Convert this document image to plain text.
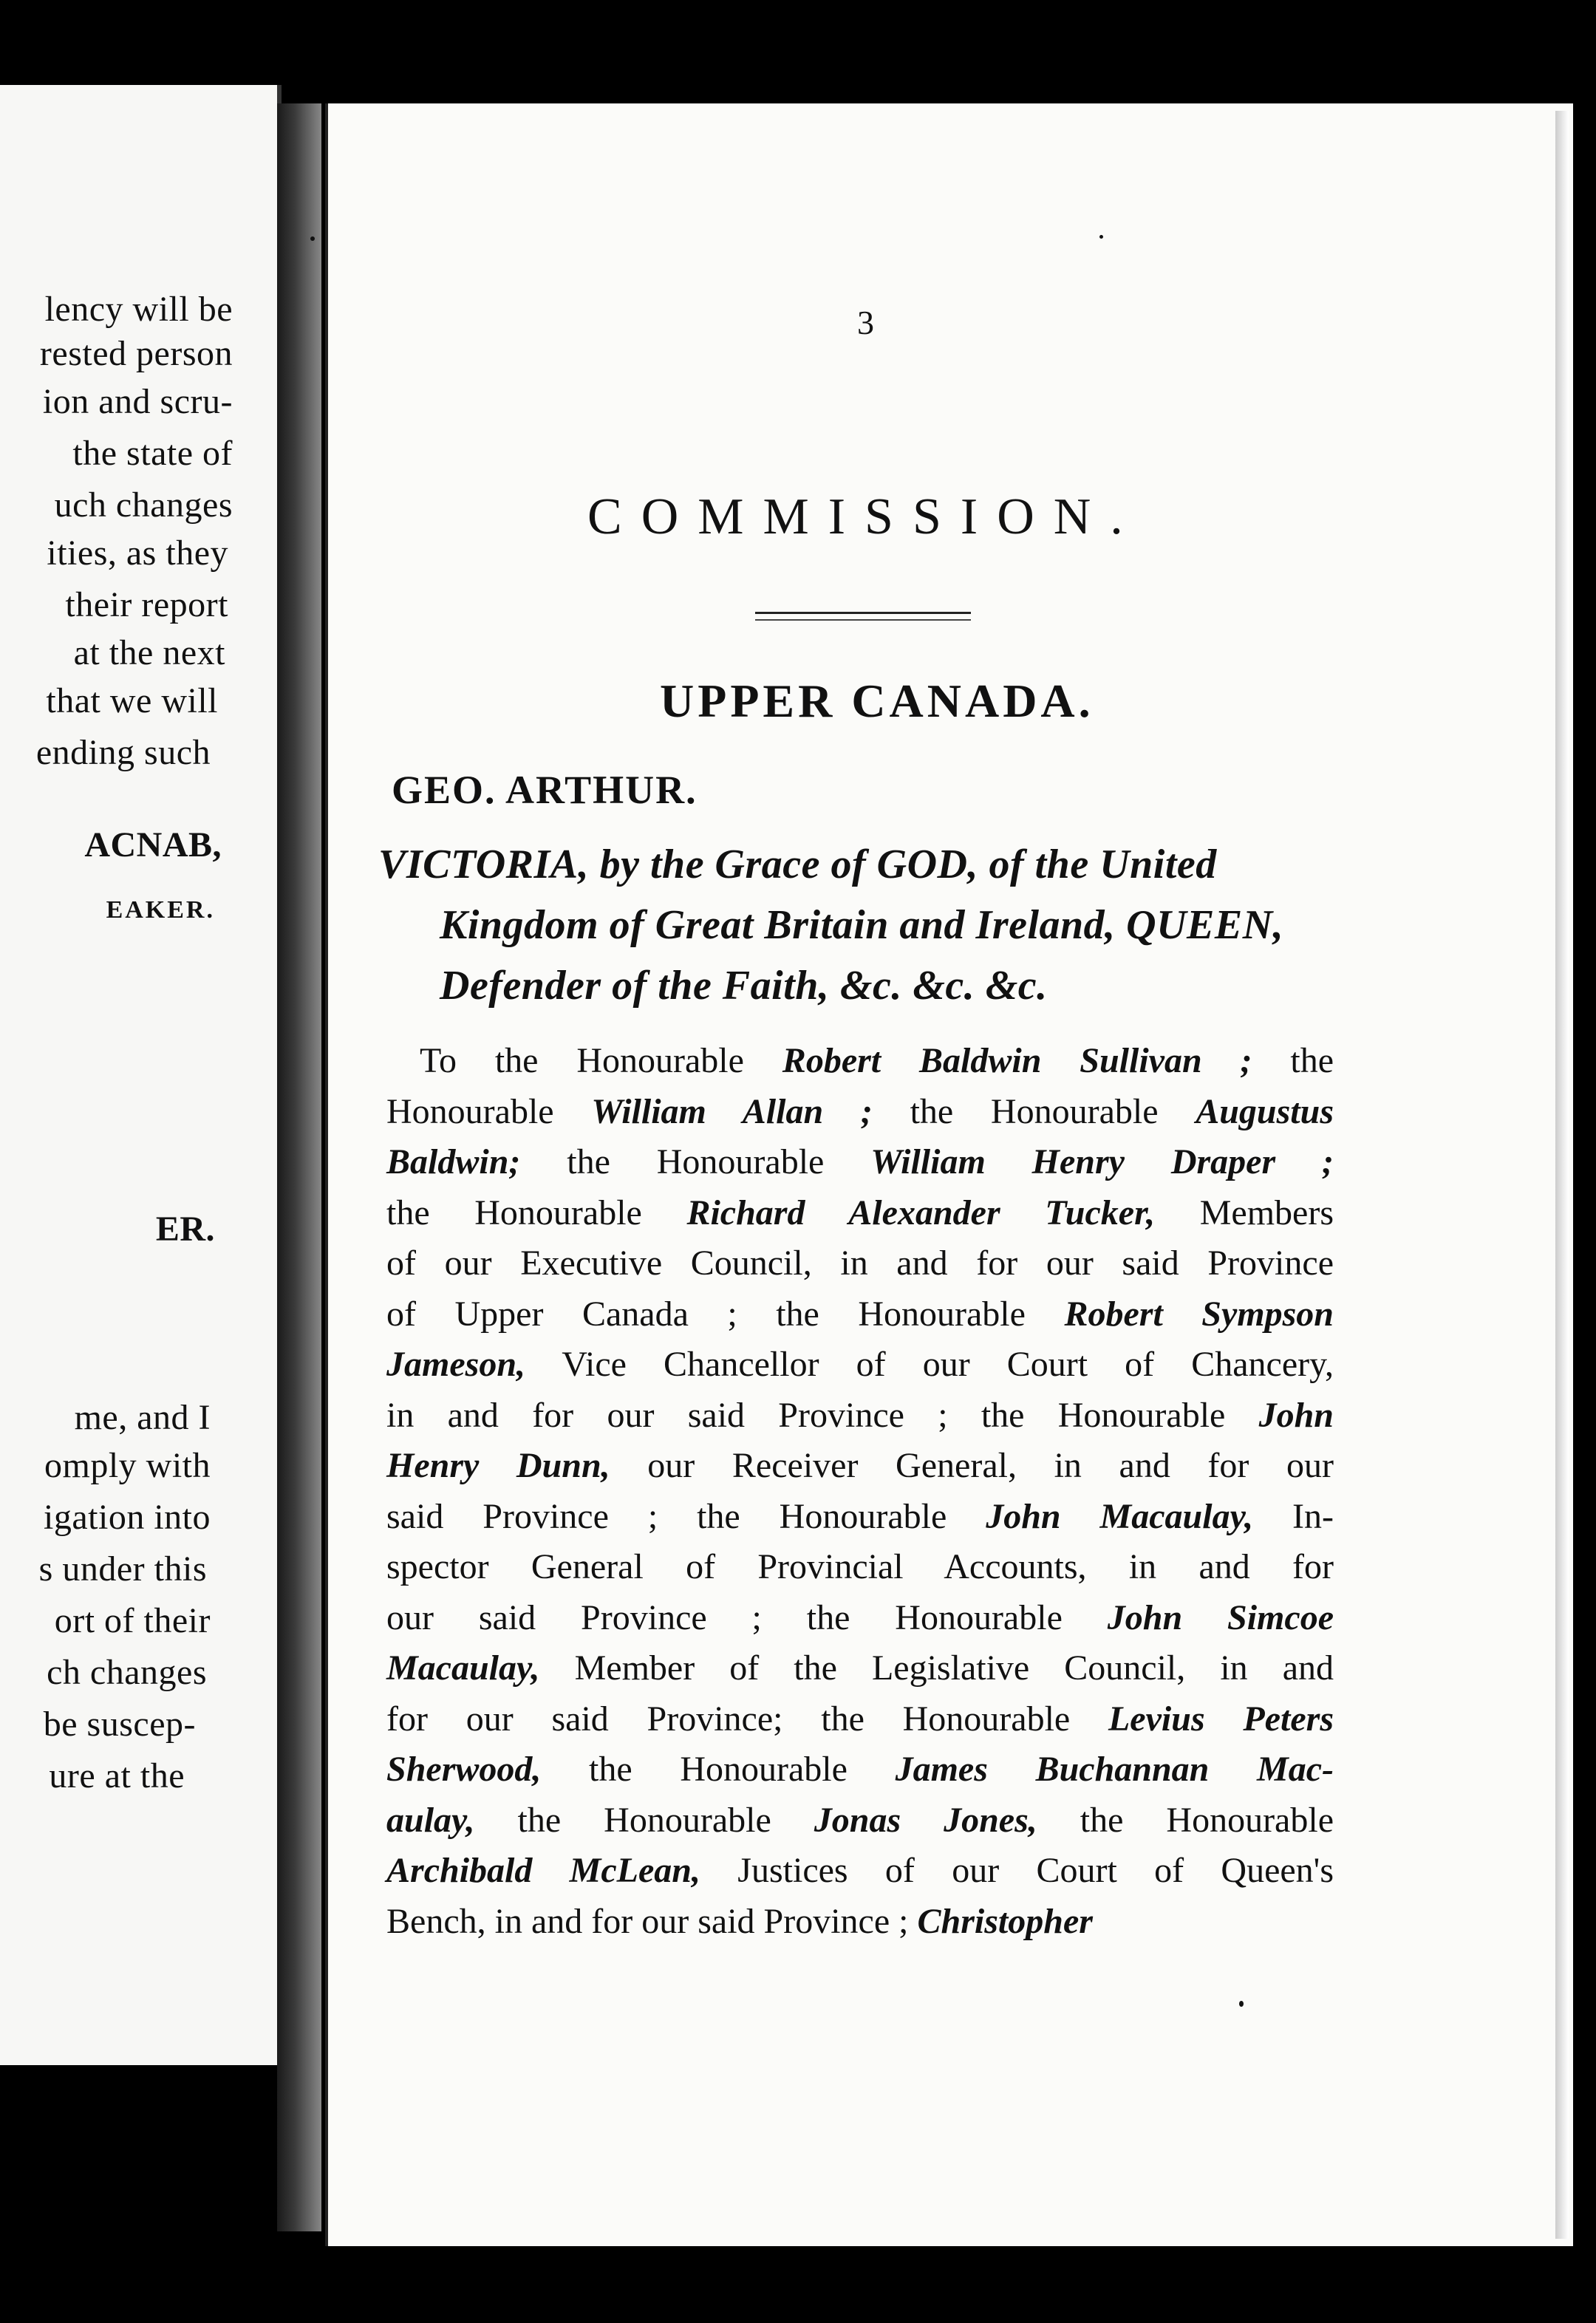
lency will be
rested person
ion and scru-
the state of
uch changes
ities, as they
their report
at the next
that we will
ending such
ACNAB,
EAKER.
ER.
me, and I
omply with
igation into
s under this
ort of their
ch changes
be suscep-
ure at the
3
COMMISSION.
UPPER CANADA.
GEO. ARTHUR.
VICTORIA, by the Grace of GOD, of the United
Kingdom of Great Britain and Ireland, QUEEN,
Defender of the Faith, &c. &c. &c.
To the Honourable Robert Baldwin Sullivan ; the
Honourable William Allan ; the Honourable Augustus
Baldwin; the Honourable William Henry Draper ;
the Honourable Richard Alexander Tucker, Members
of our Executive Council, in and for our said Province
of Upper Canada ; the Honourable Robert Sympson
Jameson, Vice Chancellor of our Court of Chancery,
in and for our said Province ; the Honourable John
Henry Dunn, our Receiver General, in and for our
said Province ; the Honourable John Macaulay, In-
spector General of Provincial Accounts, in and for
our said Province ; the Honourable John Simcoe
Macaulay, Member of the Legislative Council, in and
for our said Province; the Honourable Levius Peters
Sherwood, the Honourable James Buchannan Mac-
aulay, the Honourable Jonas Jones, the Honourable
Archibald McLean, Justices of our Court of Queen's
Bench, in and for our said Province ; Christopher
